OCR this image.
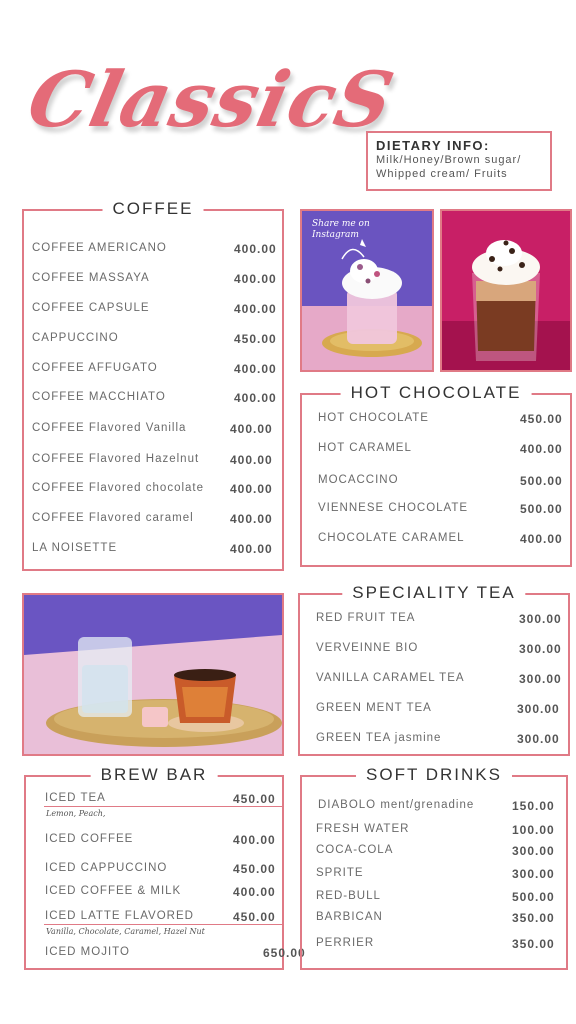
ClassicS
DIETARY INFO:
Milk/Honey/Brown sugar/
Whipped cream/ Fruits
COFFEE
COFFEE AMERICANO	400.00
COFFEE MASSAYA	400.00
COFFEE CAPSULE	400.00
CAPPUCCINO	450.00
COFFEE AFFUGATO	400.00
COFFEE MACCHIATO	400.00
COFFEE Flavored Vanilla	400.00
COFFEE Flavored Hazelnut	400.00
COFFEE Flavored chocolate 400.00
COFFEE Flavored caramel	400.00
LA NOISETTE	400.00
Share me on
Instagram
HOT CHOCOLATE
HOT CHOCOLATE	450.00
HOT CARAMEL	400.00
MOCACCINO	500.00
VIENNESE CHOCOLATE	500.00
CHOCOLATE CARAMEL	400.00
SPECIALITY TEA
RED FRUIT TEA	300.00
VERVEINNE BIO	300.00
VANILLA CARAMEL TEA	300.00
GREEN MENT TEA	300.00
GREEN TEA jasmine	300.00
BREW BAR
ICED TEA	450.00
Lemon, Peach,
ICED COFFEE	400.00
ICED CAPPUCCINO	450.00
ICED COFFEE & MILK	400.00
ICED LATTE FLAVORED	450.00
Vanilla, Chocolate, Caramel, Hazel Nut
ICED MOJITO	650.00
SOFT DRINKS
DIABOLO ment/grenadine	150.00
FRESH WATER	100.00
COCA-COLA	300.00
SPRITE	300.00
RED-BULL	500.00
BARBICAN	350.00
PERRIER	350.00
